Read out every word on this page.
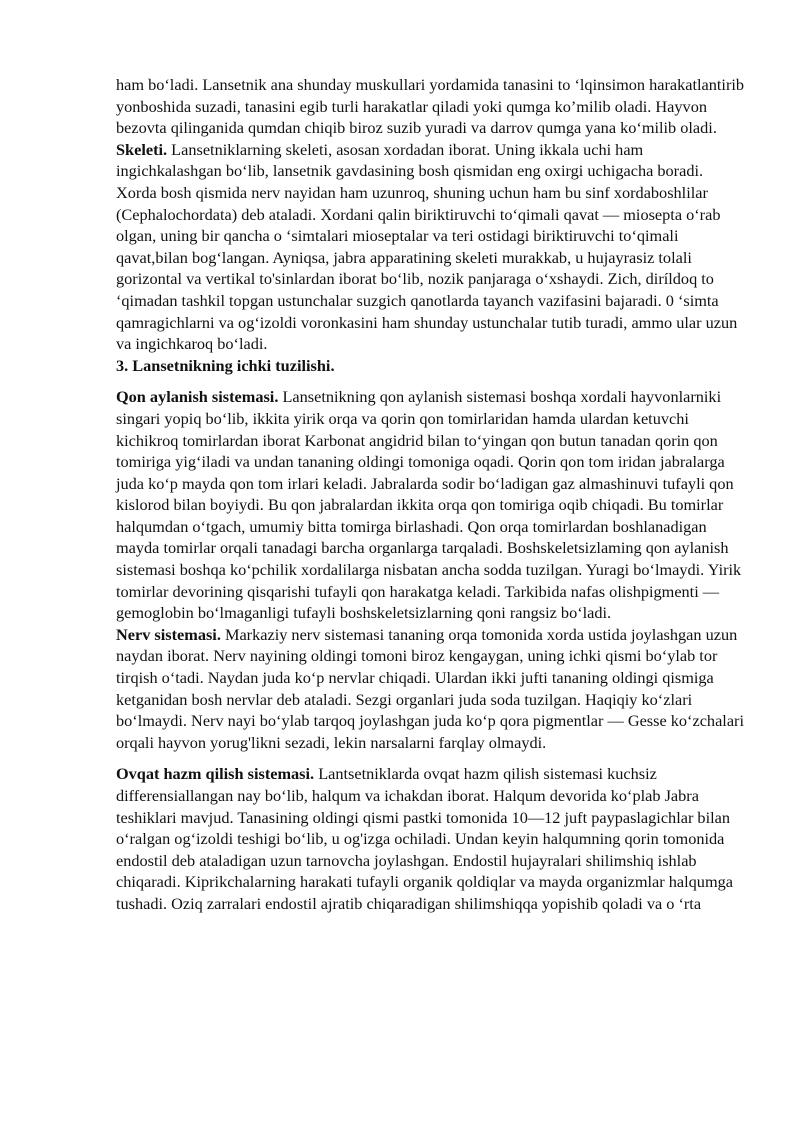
ham bo‘ladi. Lansetnik ana shunday muskullari yordamida tanasini to ‘lqinsimon harakatlantirib yonboshida suzadi, tanasini egib turli harakatlar qiladi yoki qumga ko’milib oladi. Hayvon bezovta qilinganida qumdan chiqib biroz suzib yuradi va darrov qumga yana ko‘milib oladi.

Skeleti. Lansetniklarning skeleti, asosan xordadan iborat. Uning ikkala uchi ham ingichkalashgan bo‘lib, lansetnik gavdasining bosh qismidan eng oxirgi uchigacha boradi. Xorda bosh qismida nerv nayidan ham uzunroq, shuning uchun ham bu sinf xordaboshlilar (Cephalochordata) deb ataladi. Xordani qalin biriktiruvchi to‘qimali qavat — miosepta o‘rab olgan, uning bir qancha o ‘simtalari mioseptalar va teri ostidagi biriktiruvchi to‘qimali qavat,bilan bog‘langan. Ayniqsa, jabra apparatining skeleti murakkab, u hujayrasiz tolali gorizontal va vertikal to'sinlardan iborat bo‘lib, nozik panjaraga o‘xshaydi. Zich, diríldoq to ‘qimadan tashkil topgan ustunchalar suzgich qanotlarda tayanch vazifasini bajaradi. 0 ‘simta qamragichlarni va og‘izoldi voronkasini ham shunday ustunchalar tutib turadi, ammo ular uzun va ingichkaroq bo‘ladi.

3. Lansetnikning ichki tuzilishi.

Qon aylanish sistemasi. Lansetnikning qon aylanish sistemasi boshqa xordali hayvonlarniki singari yopiq bo‘lib, ikkita yirik orqa va qorin qon tomirlaridan hamda ulardan ketuvchi kichikroq tomirlardan iborat Karbonat angidrid bilan to‘yingan qon butun tanadan qorin qon tomiriga yig‘iladi va undan tananing oldingi tomoniga oqadi. Qorin qon tom iridan jabralarga juda ko‘p mayda qon tom irlari keladi. Jabralarda sodir bo‘ladigan gaz almashinuvi tufayli qon kislorod bilan boyiydi. Bu qon jabralardan ikkita orqa qon tomiriga oqib chiqadi. Bu tomirlar halqumdan o‘tgach, umumiy bitta tomirga birlashadi. Qon orqa tomirlardan boshlanadigan mayda tomirlar orqali tanadagi barcha organlarga tarqaladi. Boshskeletsizlaming qon aylanish sistemasi boshqa ko‘pchilik xordalilarga nisbatan ancha sodda tuzilgan. Yuragi bo‘lmaydi. Yirik tomirlar devorining qisqarishi tufayli qon harakatga keladi. Tarkibida nafas olishpigmenti — gemoglobin bo‘lmaganligi tufayli boshskeletsizlarning qoni rangsiz bo‘ladi.

Nerv sistemasi. Markaziy nerv sistemasi tananing orqa tomonida xorda ustida joylashgan uzun naydan iborat. Nerv nayining oldingi tomoni biroz kengaygan, uning ichki qismi bo‘ylab tor tirqish o‘tadi. Naydan juda ko‘p nervlar chiqadi. Ulardan ikki jufti tananing oldingi qismiga ketganidan bosh nervlar deb ataladi. Sezgi organlari juda soda tuzilgan. Haqiqiy ko‘zlari bo‘lmaydi. Nerv nayi bo‘ylab tarqoq joylashgan juda ko‘p qora pigmentlar — Gesse ko‘zchalari orqali hayvon yorug'likni sezadi, lekin narsalarni farqlay olmaydi.

Ovqat hazm qilish sistemasi. Lantsetniklarda ovqat hazm qilish sistemasi kuchsiz differensiallangan nay bo‘lib, halqum va ichakdan iborat. Halqum devorida ko‘plab Jabra teshiklari mavjud. Tanasining oldingi qismi pastki tomonida 10—12 juft paypaslagichlar bilan o‘ralgan og‘izoldi teshigi bo‘lib, u og'izga ochiladi. Undan keyin halqumning qorin tomonida endostil deb ataladigan uzun tarnovcha joylashgan. Endostil hujayralari shilimshiq ishlab chiqaradi. Kiprikchalarning harakati tufayli organik qoldiqlar va mayda organizmlar halqumga tushadi. Oziq zarralari endostil ajratib chiqaradigan shilimshiqqa yopishib qoladi va o ‘rta
